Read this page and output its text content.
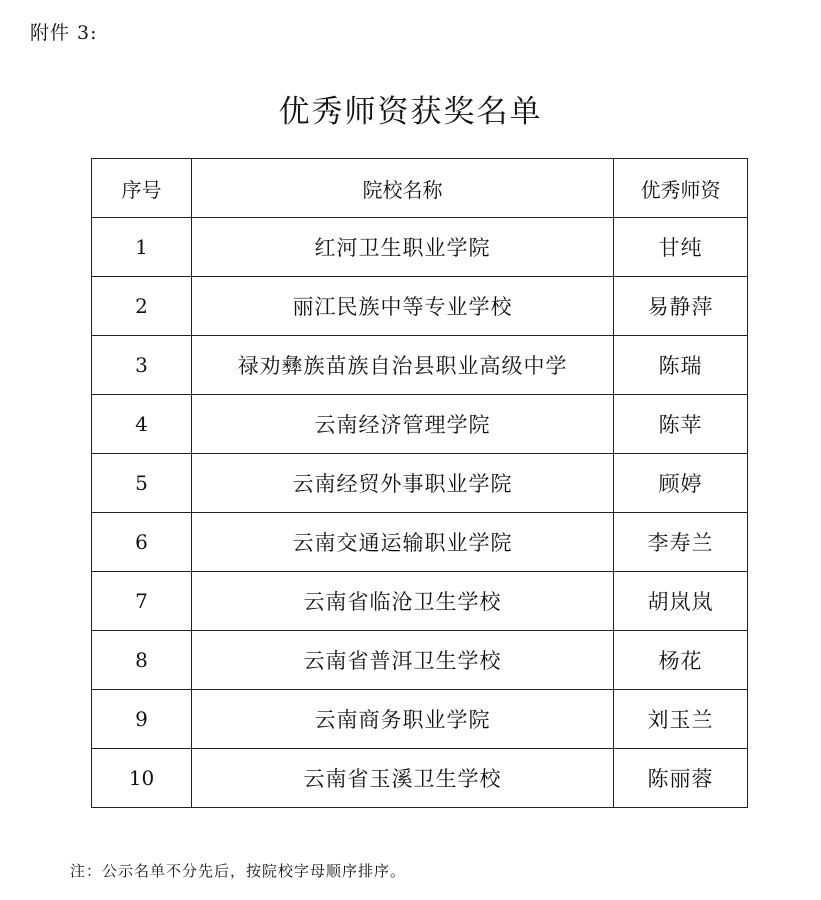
附件 3:
优秀师资获奖名单
序号	院校名称	优秀师资
1	红河卫生职业学院	甘纯
2	丽江民族中等专业学校	易静萍
3	禄劝彝族苗族自治县职业高级中学	陈瑞
4	云南经济管理学院	陈苹
5	云南经贸外事职业学院	顾婷
6	云南交通运输职业学院	李寿兰
7	云南省临沧卫生学校	胡岚岚
8	云南省普洱卫生学校	杨花
9	云南商务职业学院	刘玉兰
10	云南省玉溪卫生学校	陈丽蓉
注：公示名单不分先后，按院校字母顺序排序。
